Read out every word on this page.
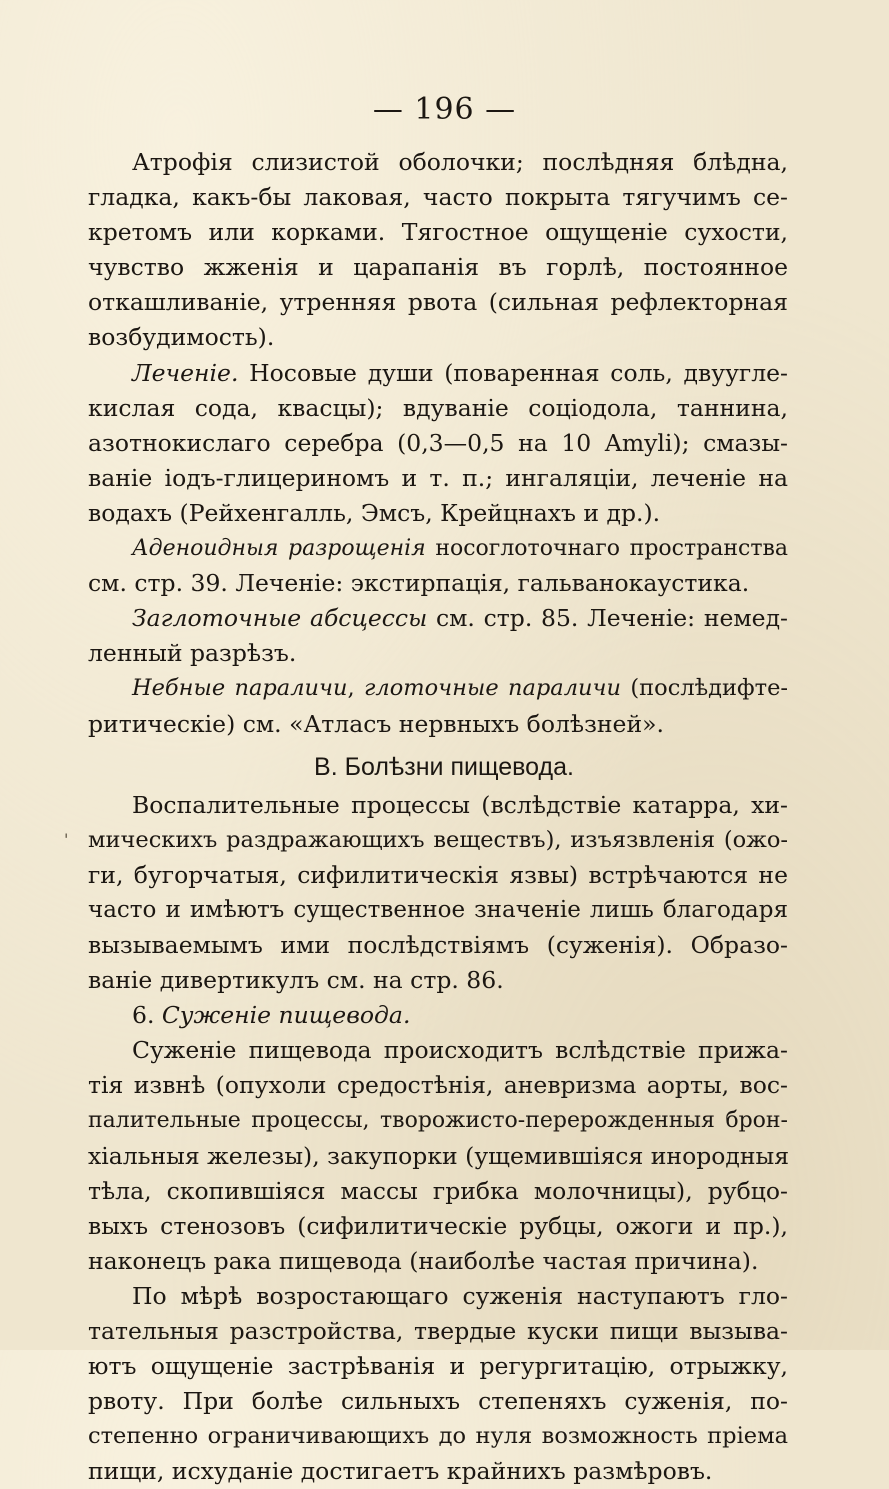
— 196 —
'
Атрофія слизистой оболочки; послѣдняя блѣдна,
гладка, какъ-бы лаковая, часто покрыта тягучимъ се-
кретомъ или корками. Тягостное ощущеніе сухости,
чувство жженія и царапанія въ горлѣ, постоянное
откашливаніе, утренняя рвота (сильная рефлекторная
возбудимость).
Леченіе. Носовые души (поваренная соль, двуугле-
кислая сода, квасцы); вдуваніе соціодола, таннина,
азотнокислаго серебра (0,3—0,5 на 10 Amyli); смазы-
ваніе іодъ-глицериномъ и т. п.; ингаляціи, леченіе на
водахъ (Рейхенгалль, Эмсъ, Крейцнахъ и др.).
Аденоидныя разрощенія носоглоточнаго пространства
см. стр. 39. Леченіе: экстирпація, гальванокаустика.
Заглоточные абсцессы см. стр. 85. Леченіе: немед-
ленный разрѣзъ.
Небные параличи, глоточные параличи (послѣдифте-
ритическіе) см. «Атласъ нервныхъ болѣзней».
B. Болѣзни пищевода.
Воспалительные процессы (вслѣдствіе катарра, хи-
мическихъ раздражающихъ веществъ), изъязвленія (ожо-
ги, бугорчатыя, сифилитическія язвы) встрѣчаются не
часто и имѣютъ существенное значеніе лишь благодаря
вызываемымъ ими послѣдствіямъ (суженія). Образо-
ваніе дивертикулъ см. на стр. 86.
6. Суженіе пищевода.
Суженіе пищевода происходитъ вслѣдствіе прижа-
тія извнѣ (опухоли средостѣнія, аневризма аорты, вос-
палительные процессы, творожисто-перерожденныя брон-
хіальныя железы), закупорки (ущемившіяся инородныя
тѣла, скопившіяся массы грибка молочницы), рубцо-
выхъ стенозовъ (сифилитическіе рубцы, ожоги и пр.),
наконецъ рака пищевода (наиболѣе частая причина).
По мѣрѣ возростающаго суженія наступаютъ гло-
тательныя разстройства, твердые куски пищи вызыва-
ютъ ощущеніе застрѣванія и регургитацію, отрыжку,
рвоту. При болѣе сильныхъ степеняхъ суженія, по-
степенно ограничивающихъ до нуля возможность пріема
пищи, исхуданіе достигаетъ крайнихъ размѣровъ.
